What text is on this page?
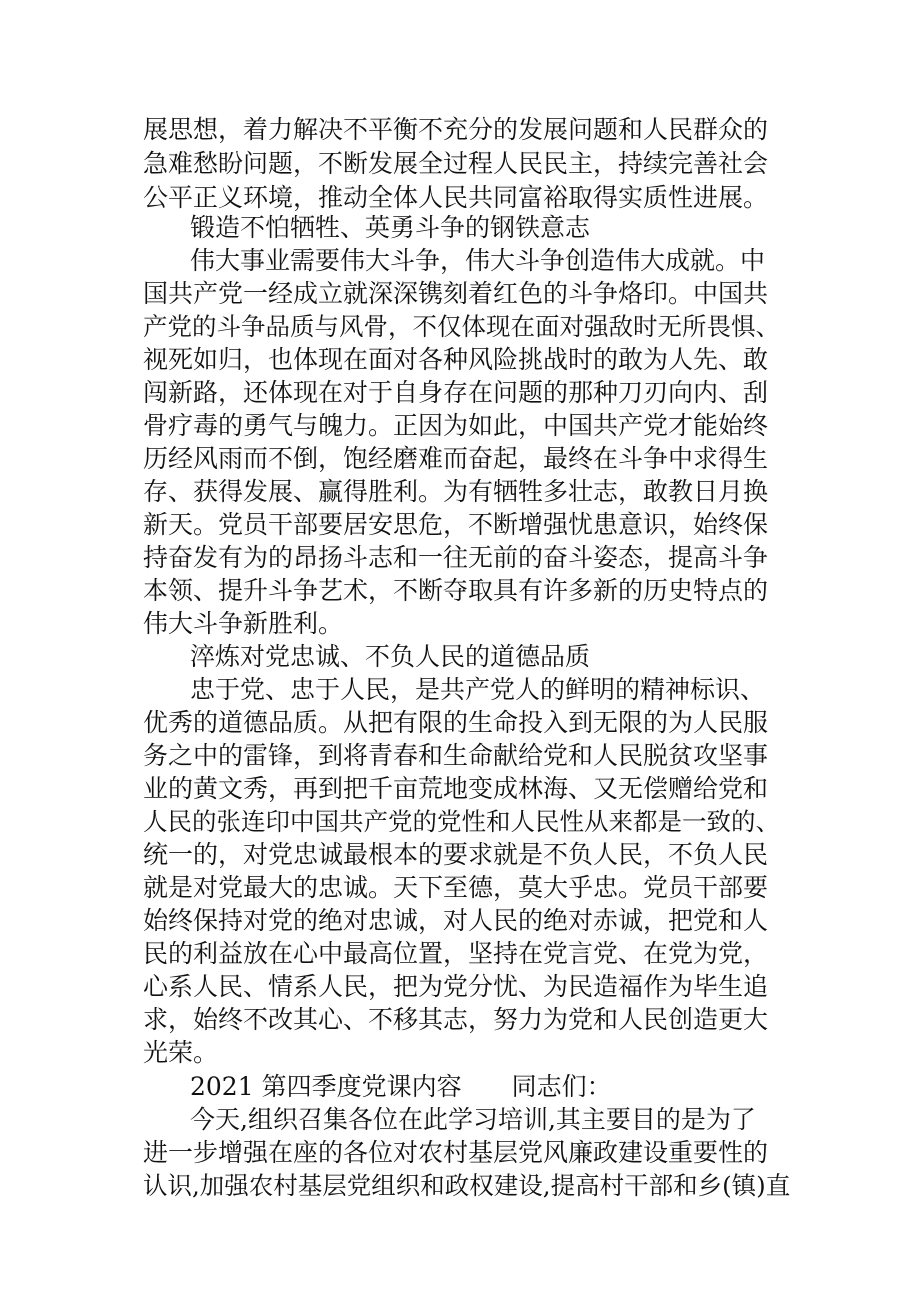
展思想，着力解决不平衡不充分的发展问题和人民群众的
急难愁盼问题，不断发展全过程人民民主，持续完善社会
公平正义环境，推动全体人民共同富裕取得实质性进展。
锻造不怕牺牲、英勇斗争的钢铁意志
伟大事业需要伟大斗争，伟大斗争创造伟大成就。中
国共产党一经成立就深深镌刻着红色的斗争烙印。中国共
产党的斗争品质与风骨，不仅体现在面对强敌时无所畏惧、
视死如归，也体现在面对各种风险挑战时的敢为人先、敢
闯新路，还体现在对于自身存在问题的那种刀刃向内、刮
骨疗毒的勇气与魄力。正因为如此，中国共产党才能始终
历经风雨而不倒，饱经磨难而奋起，最终在斗争中求得生
存、获得发展、赢得胜利。为有牺牲多壮志，敢教日月换
新天。党员干部要居安思危，不断增强忧患意识，始终保
持奋发有为的昂扬斗志和一往无前的奋斗姿态，提高斗争
本领、提升斗争艺术，不断夺取具有许多新的历史特点的
伟大斗争新胜利。
淬炼对党忠诚、不负人民的道德品质
忠于党、忠于人民，是共产党人的鲜明的精神标识、
优秀的道德品质。从把有限的生命投入到无限的为人民服
务之中的雷锋，到将青春和生命献给党和人民脱贫攻坚事
业的黄文秀，再到把千亩荒地变成林海、又无偿赠给党和
人民的张连印中国共产党的党性和人民性从来都是一致的、
统一的，对党忠诚最根本的要求就是不负人民，不负人民
就是对党最大的忠诚。天下至德，莫大乎忠。党员干部要
始终保持对党的绝对忠诚，对人民的绝对赤诚，把党和人
民的利益放在心中最高位置，坚持在党言党、在党为党，
心系人民、情系人民，把为党分忧、为民造福作为毕生追
求，始终不改其心、不移其志，努力为党和人民创造更大
光荣。
2021 第四季度党课内容　　同志们：
今天,组织召集各位在此学习培训,其主要目的是为了
进一步增强在座的各位对农村基层党风廉政建设重要性的
认识,加强农村基层党组织和政权建设,提高村干部和乡(镇)直
